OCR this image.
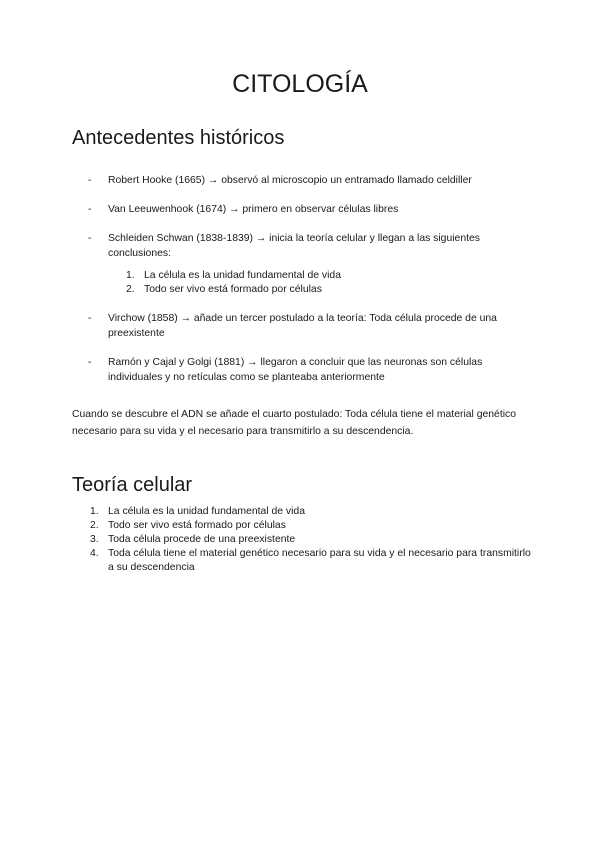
CITOLOGÍA
Antecedentes históricos
- Robert Hooke (1665) → observó al microscopio un entramado llamado celdiller
- Van Leeuwenhook (1674) → primero en observar células libres
- Schleiden Schwan (1838-1839) → inicia la teoría celular y llegan a las siguientes conclusiones:
1. La célula es la unidad fundamental de vida
2. Todo ser vivo está formado por células
- Virchow (1858) → añade un tercer postulado a la teoría: Toda célula procede de una preexistente
- Ramón y Cajal y Golgi (1881) → llegaron a concluir que las neuronas son células individuales y no retículas como se planteaba anteriormente

Cuando se descubre el ADN se añade el cuarto postulado: Toda célula tiene el material genético necesario para su vida y el necesario para transmitirlo a su descendencia.

Teoría celular
1. La célula es la unidad fundamental de vida
2. Todo ser vivo está formado por células
3. Toda célula procede de una preexistente
4. Toda célula tiene el material genético necesario para su vida y el necesario para transmitirlo a su descendencia
